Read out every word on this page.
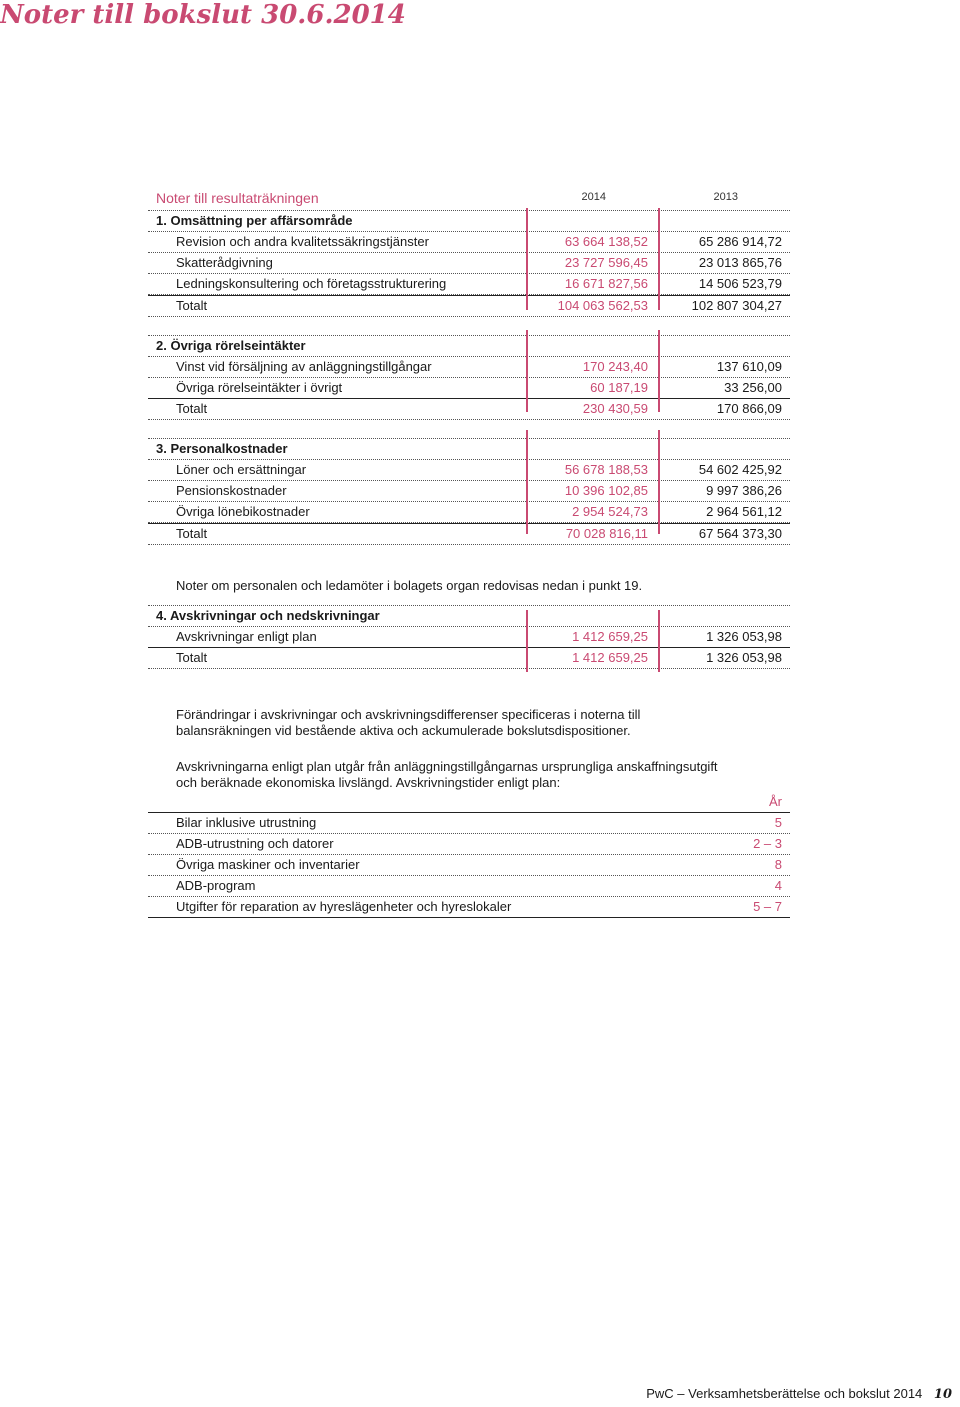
Noter till bokslut 30.6.2014
Noter till resultaträkningen	2014	2013
1. Omsättning per affärsområde
Revision och andra kvalitetssäkringstjänster	63 664 138,52	65 286 914,72
Skatterådgivning	23 727 596,45	23 013 865,76
Ledningskonsultering och företagsstrukturering	16 671 827,56	14 506 523,79
Totalt	104 063 562,53	102 807 304,27
2. Övriga rörelseintäkter
Vinst vid försäljning av anläggningstillgångar	170 243,40	137 610,09
Övriga rörelseintäkter i övrigt	60 187,19	33 256,00
Totalt	230 430,59	170 866,09
3. Personalkostnader
Löner och ersättningar	56 678 188,53	54 602 425,92
Pensionskostnader	10 396 102,85	9 997 386,26
Övriga lönebikostnader	2 954 524,73	2 964 561,12
Totalt	70 028 816,11	67 564 373,30
Noter om personalen och ledamöter i bolagets organ redovisas nedan i punkt 19.
4. Avskrivningar och nedskrivningar
Avskrivningar enligt plan	1 412 659,25	1 326 053,98
Totalt	1 412 659,25	1 326 053,98

Förändringar i avskrivningar och avskrivningsdifferenser specificeras i noterna till balansräkningen vid bestående aktiva och ackumulerade bokslutsdispositioner.

Avskrivningarna enligt plan utgår från anläggningstillgångarnas ursprungliga anskaffningsutgift och beräknade ekonomiska livslängd. Avskrivningstider enligt plan:

År
Bilar inklusive utrustning	5
ADB-utrustning och datorer	2 – 3
Övriga maskiner och inventarier	8
ADB-program	4
Utgifter för reparation av hyreslägenheter och hyreslokaler	5 – 7
PwC – Verksamhetsberättelse och bokslut 2014 10
